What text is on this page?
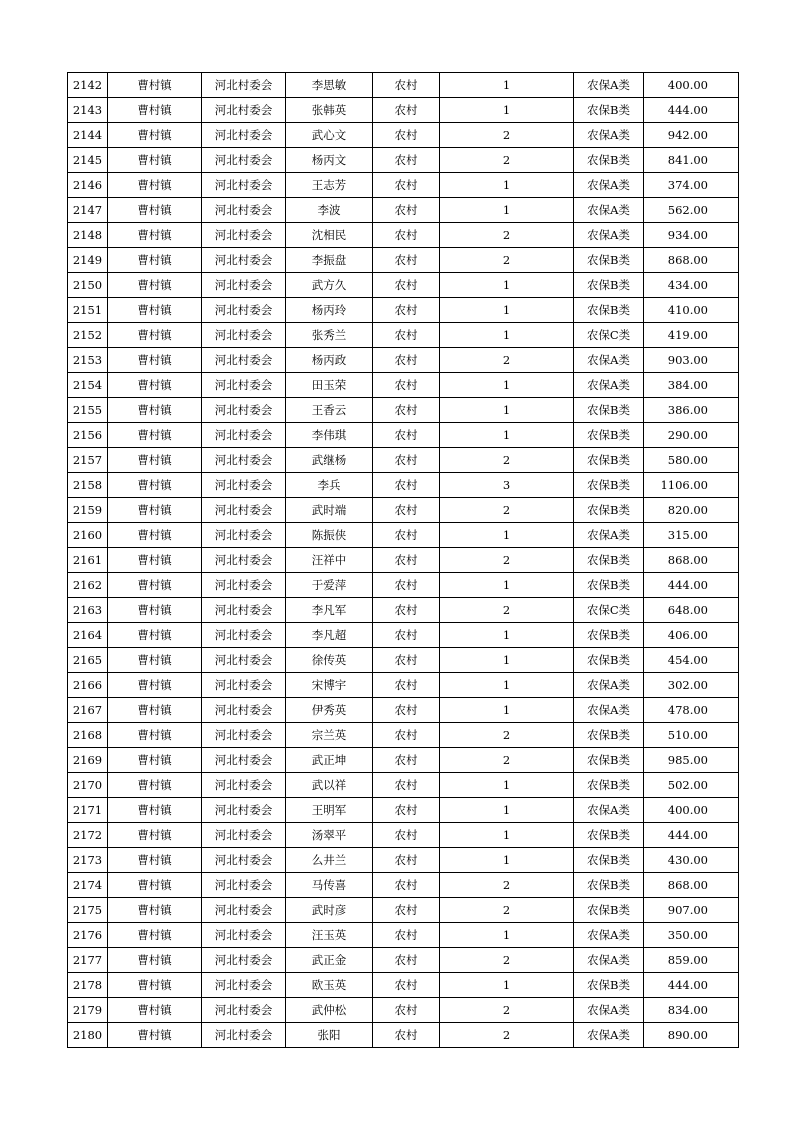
2142	曹村镇	河北村委会	李思敏	农村	1	农保A类	400.00
2143	曹村镇	河北村委会	张韩英	农村	1	农保B类	444.00
2144	曹村镇	河北村委会	武心文	农村	2	农保A类	942.00
2145	曹村镇	河北村委会	杨丙文	农村	2	农保B类	841.00
2146	曹村镇	河北村委会	王志芳	农村	1	农保A类	374.00
2147	曹村镇	河北村委会	李波	农村	1	农保A类	562.00
2148	曹村镇	河北村委会	沈相民	农村	2	农保A类	934.00
2149	曹村镇	河北村委会	李振盘	农村	2	农保B类	868.00
2150	曹村镇	河北村委会	武方久	农村	1	农保B类	434.00
2151	曹村镇	河北村委会	杨丙玲	农村	1	农保B类	410.00
2152	曹村镇	河北村委会	张秀兰	农村	1	农保C类	419.00
2153	曹村镇	河北村委会	杨丙政	农村	2	农保A类	903.00
2154	曹村镇	河北村委会	田玉荣	农村	1	农保A类	384.00
2155	曹村镇	河北村委会	王香云	农村	1	农保B类	386.00
2156	曹村镇	河北村委会	李伟琪	农村	1	农保B类	290.00
2157	曹村镇	河北村委会	武继杨	农村	2	农保B类	580.00
2158	曹村镇	河北村委会	李兵	农村	3	农保B类	1106.00
2159	曹村镇	河北村委会	武时端	农村	2	农保B类	820.00
2160	曹村镇	河北村委会	陈振侠	农村	1	农保A类	315.00
2161	曹村镇	河北村委会	汪祥中	农村	2	农保B类	868.00
2162	曹村镇	河北村委会	于爱萍	农村	1	农保B类	444.00
2163	曹村镇	河北村委会	李凡军	农村	2	农保C类	648.00
2164	曹村镇	河北村委会	李凡超	农村	1	农保B类	406.00
2165	曹村镇	河北村委会	徐传英	农村	1	农保B类	454.00
2166	曹村镇	河北村委会	宋博宇	农村	1	农保A类	302.00
2167	曹村镇	河北村委会	伊秀英	农村	1	农保A类	478.00
2168	曹村镇	河北村委会	宗兰英	农村	2	农保B类	510.00
2169	曹村镇	河北村委会	武正坤	农村	2	农保B类	985.00
2170	曹村镇	河北村委会	武以祥	农村	1	农保B类	502.00
2171	曹村镇	河北村委会	王明军	农村	1	农保A类	400.00
2172	曹村镇	河北村委会	汤翠平	农村	1	农保B类	444.00
2173	曹村镇	河北村委会	么井兰	农村	1	农保B类	430.00
2174	曹村镇	河北村委会	马传喜	农村	2	农保B类	868.00
2175	曹村镇	河北村委会	武时彦	农村	2	农保B类	907.00
2176	曹村镇	河北村委会	汪玉英	农村	1	农保A类	350.00
2177	曹村镇	河北村委会	武正金	农村	2	农保A类	859.00
2178	曹村镇	河北村委会	欧玉英	农村	1	农保B类	444.00
2179	曹村镇	河北村委会	武仲松	农村	2	农保A类	834.00
2180	曹村镇	河北村委会	张阳	农村	2	农保A类	890.00
